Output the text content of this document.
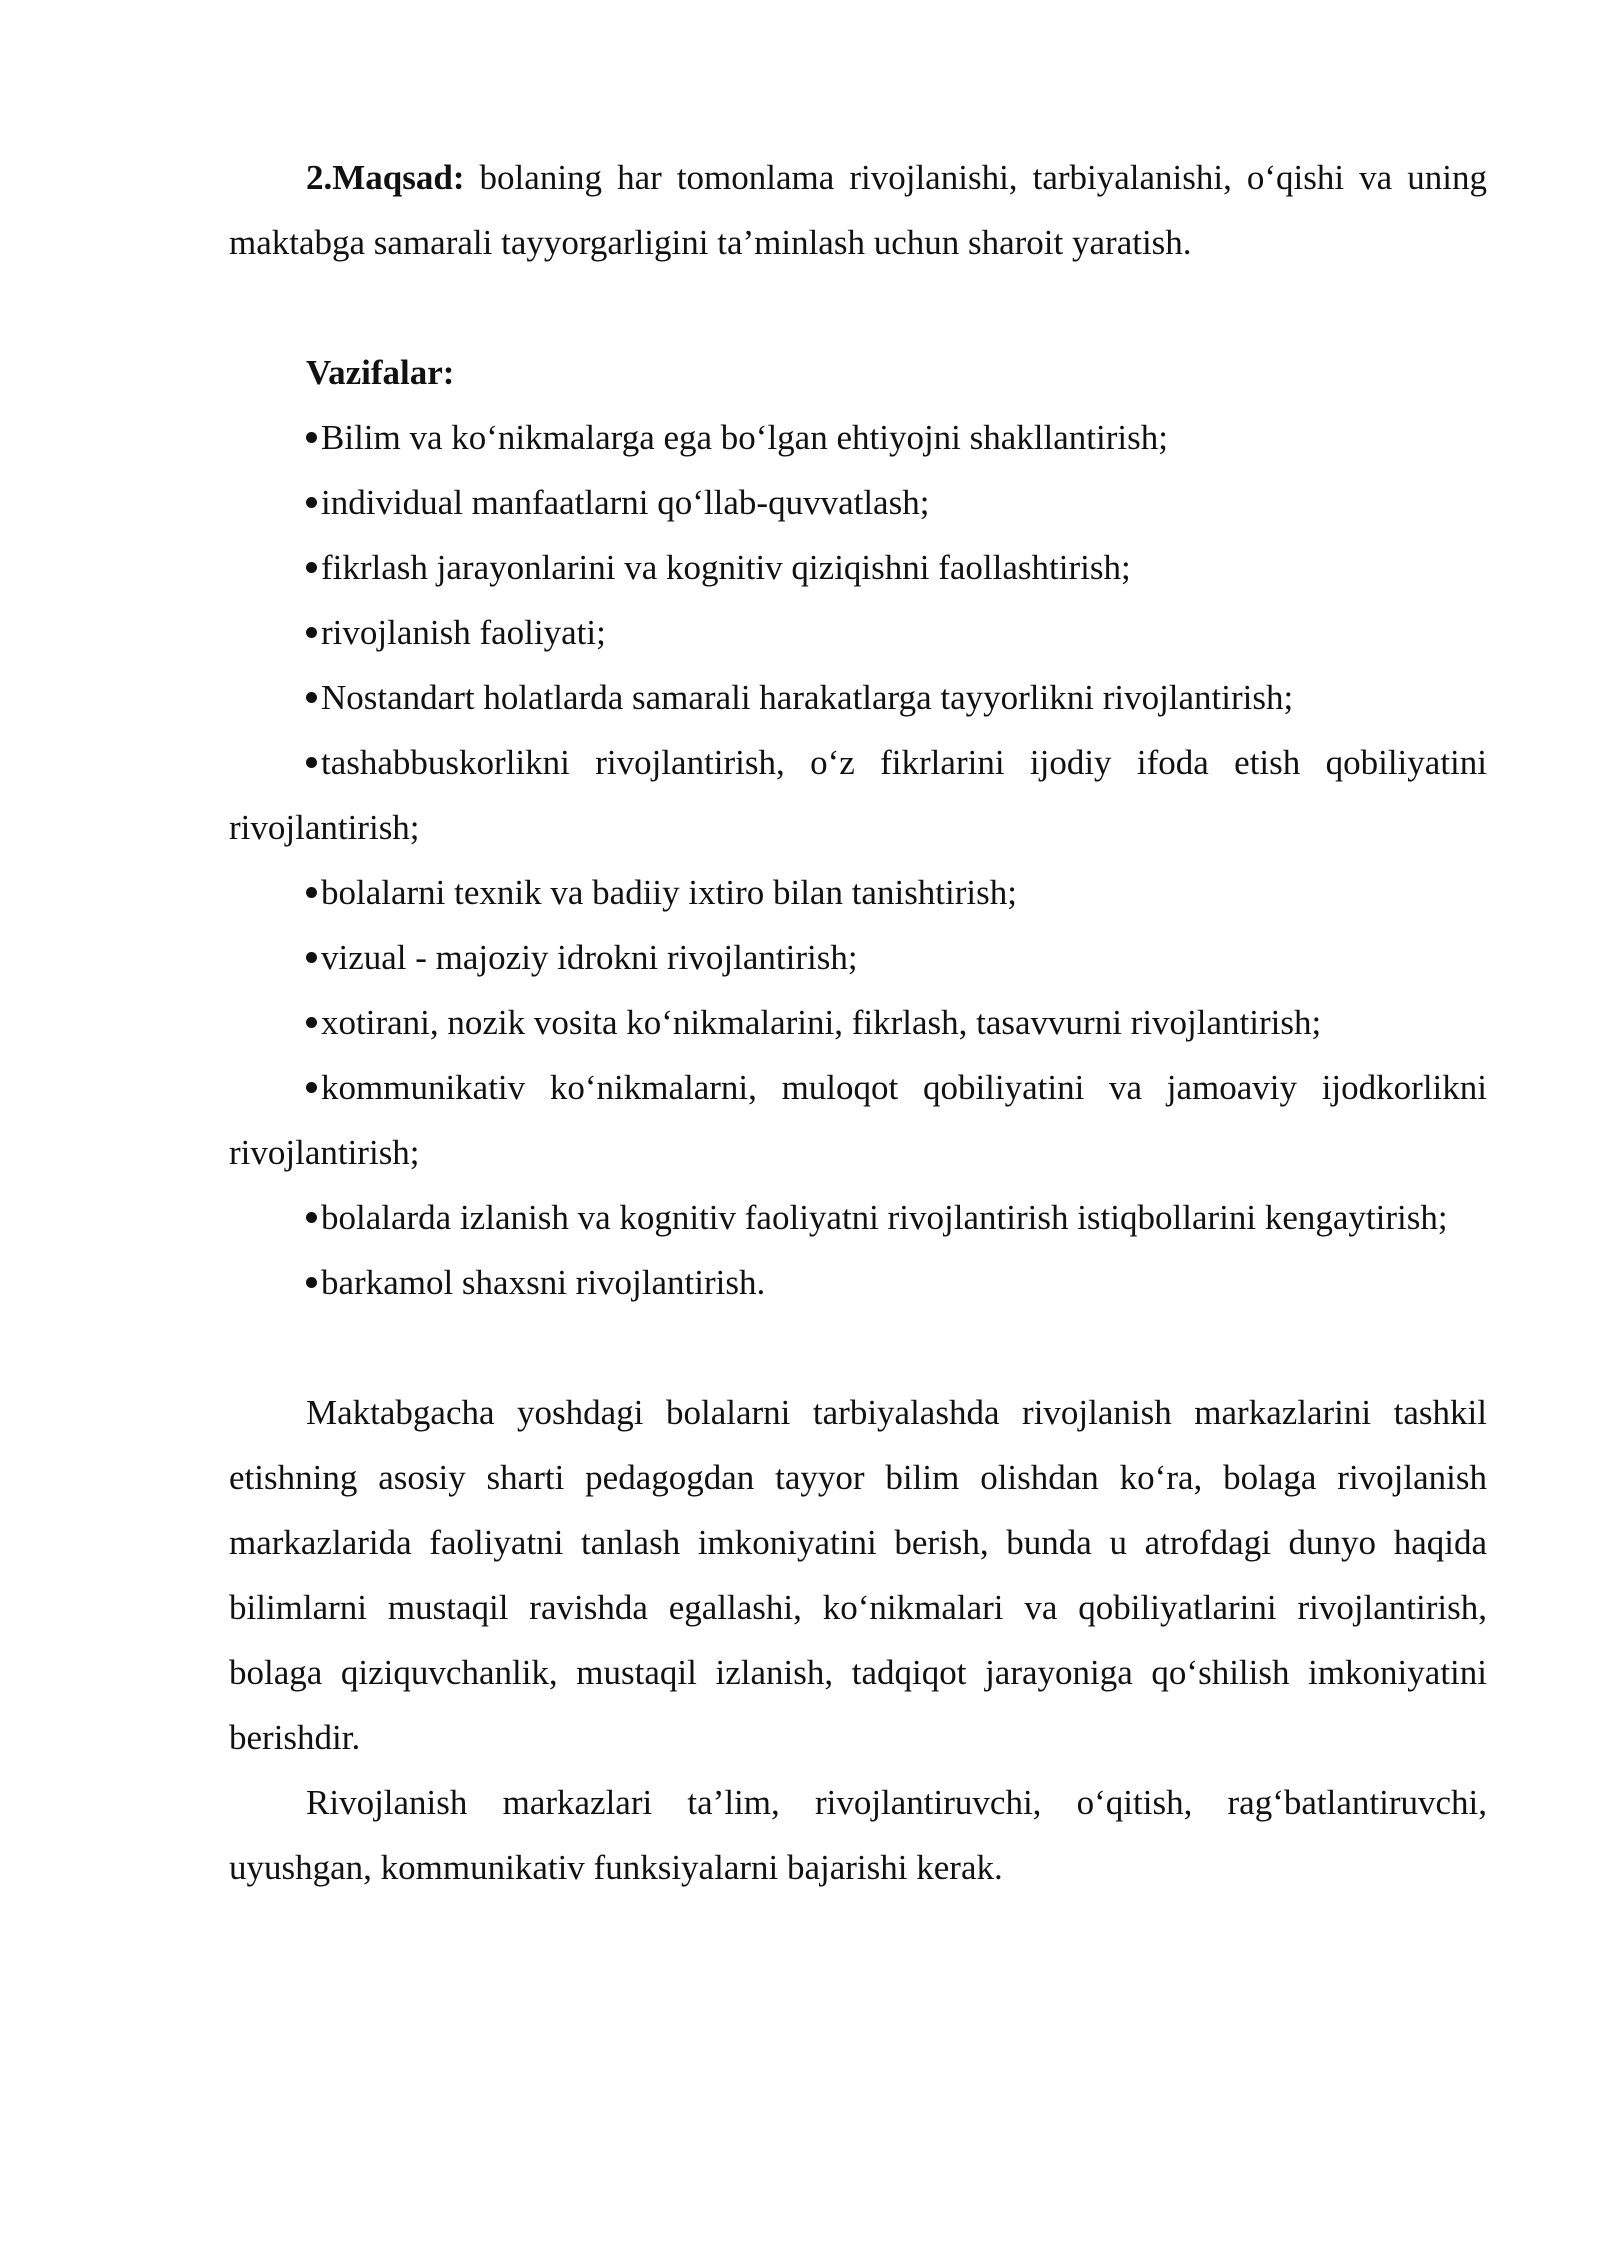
2.Maqsad: bolaning har tomonlama rivojlanishi, tarbiyalanishi, o‘qishi va uning maktabga samarali tayyorgarligini ta’minlash uchun sharoit yaratish.

Vazifalar:

Bilim va ko‘nikmalarga ega bo‘lgan ehtiyojni shakllantirish;
individual manfaatlarni qo‘llab-quvvatlash;
fikrlash jarayonlarini va kognitiv qiziqishni faollashtirish;
rivojlanish faoliyati;
Nostandart holatlarda samarali harakatlarga tayyorlikni rivojlantirish;
tashabbuskorlikni rivojlantirish, o‘z fikrlarini ijodiy ifoda etish qobiliyatini rivojlantirish;
bolalarni texnik va badiiy ixtiro bilan tanishtirish;
vizual - majoziy idrokni rivojlantirish;
xotirani, nozik vosita ko‘nikmalarini, fikrlash, tasavvurni rivojlantirish;
kommunikativ ko‘nikmalarni, muloqot qobiliyatini va jamoaviy ijodkorlikni rivojlantirish;
bolalarda izlanish va kognitiv faoliyatni rivojlantirish istiqbollarini kengaytirish;
barkamol shaxsni rivojlantirish.

Maktabgacha yoshdagi bolalarni tarbiyalashda rivojlanish markazlarini tashkil etishning asosiy sharti pedagogdan tayyor bilim olishdan ko‘ra, bolaga rivojlanish markazlarida faoliyatni tanlash imkoniyatini berish, bunda u atrofdagi dunyo haqida bilimlarni mustaqil ravishda egallashi, ko‘nikmalari va qobiliyatlarini rivojlantirish, bolaga qiziquvchanlik, mustaqil izlanish, tadqiqot jarayoniga qo‘shilish imkoniyatini berishdir.

Rivojlanish markazlari ta’lim, rivojlantiruvchi, o‘qitish, rag‘batlantiruvchi, uyushgan, kommunikativ funksiyalarni bajarishi kerak.
